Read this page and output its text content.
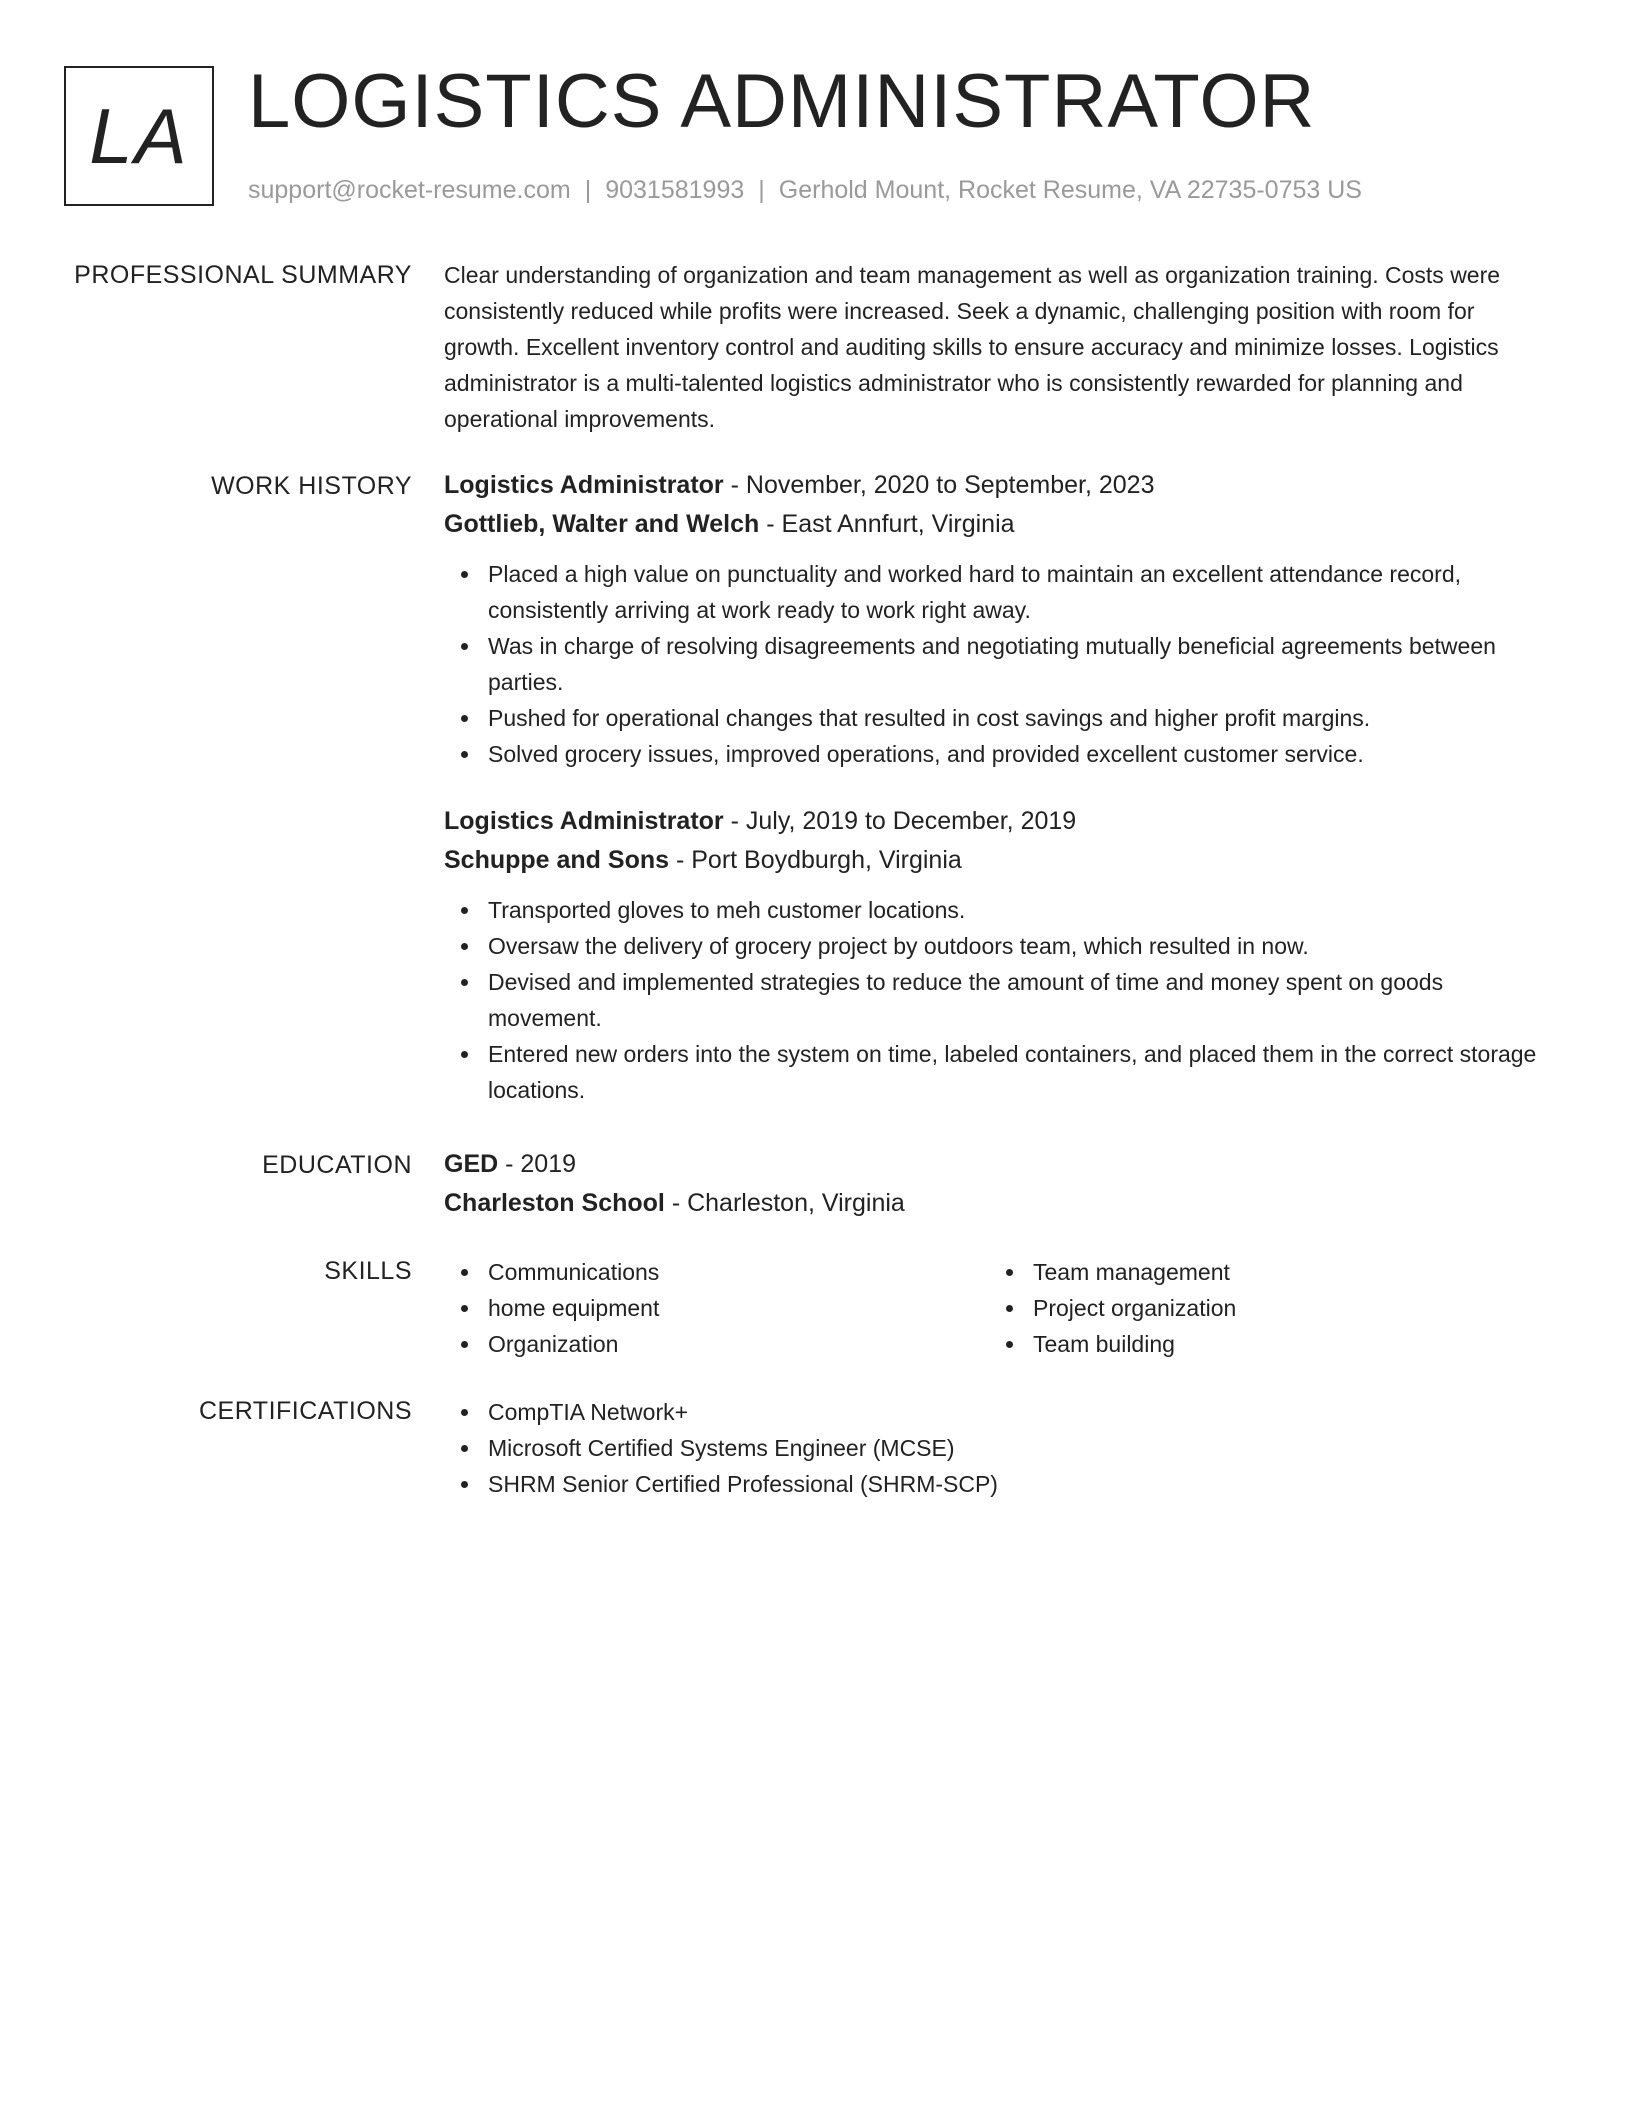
LA LOGISTICS ADMINISTRATOR
support@rocket-resume.com | 9031581993 | Gerhold Mount, Rocket Resume, VA 22735-0753 US
PROFESSIONAL SUMMARY Clear understanding of organization and team management as well as organization training. Costs were consistently reduced while profits were increased. Seek a dynamic, challenging position with room for growth. Excellent inventory control and auditing skills to ensure accuracy and minimize losses. Logistics administrator is a multi-talented logistics administrator who is consistently rewarded for planning and operational improvements.

WORK HISTORY Logistics Administrator - November, 2020 to September, 2023
Gottlieb, Walter and Welch - East Annfurt, Virginia
Placed a high value on punctuality and worked hard to maintain an excellent attendance record, consistently arriving at work ready to work right away.
Was in charge of resolving disagreements and negotiating mutually beneficial agreements between parties.
Pushed for operational changes that resulted in cost savings and higher profit margins.
Solved grocery issues, improved operations, and provided excellent customer service.
Logistics Administrator - July, 2019 to December, 2019
Schuppe and Sons - Port Boydburgh, Virginia
Transported gloves to meh customer locations.
Oversaw the delivery of grocery project by outdoors team, which resulted in now.
Devised and implemented strategies to reduce the amount of time and money spent on goods movement.
Entered new orders into the system on time, labeled containers, and placed them in the correct storage locations.
EDUCATION GED - 2019
Charleston School - Charleston, Virginia
SKILLS	Communications
home equipment
Organization
Team management
Project organization
Team building
CERTIFICATIONS	CompTIA Network+
Microsoft Certified Systems Engineer (MCSE)
SHRM Senior Certified Professional (SHRM-SCP)
